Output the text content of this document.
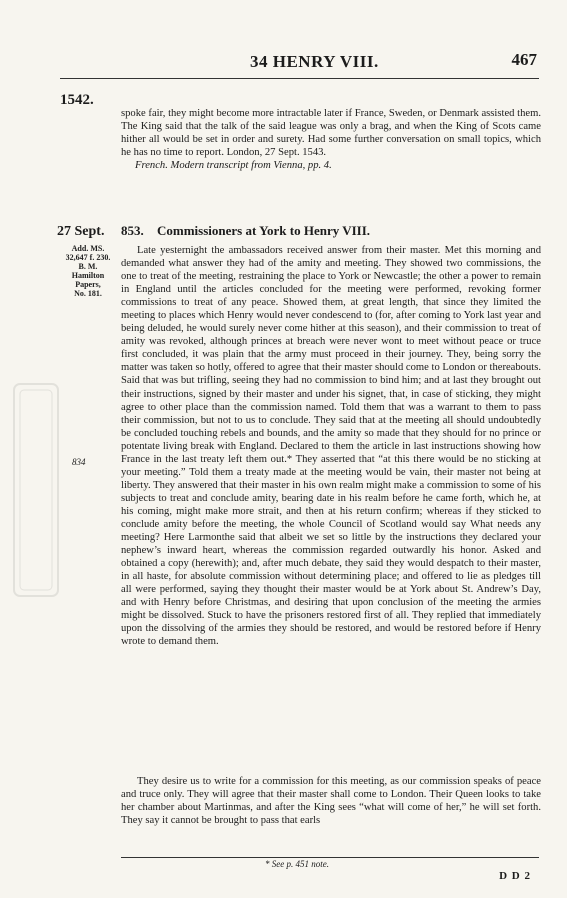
34 HENRY VIII.	467
1542.
spoke fair, they might become more intractable later if France, Sweden, or Denmark assisted them. The King said that the talk of the said league was only a brag, and when the King of Scots came hither all would be set in order and surety. Had some further conversation on small topics, which he has no time to report. London, 27 Sept. 1543.
French. Modern transcript from Vienna, pp. 4.
27 Sept.
Add. MS.
32,647 f. 230.
B. M.
Hamilton
Papers,
No. 181.
853. Commissioners at York to Henry VIII.
Late yesternight the ambassadors received answer from their master. Met this morning and demanded what answer they had of the amity and meeting. They showed two commissions, the one to treat of the meeting, restraining the place to York or Newcastle; the other a power to remain in England until the articles concluded for the meeting were performed, revoking former commissions to treat of any peace. Showed them, at great length, that since they limited the meeting to places which Henry would never condescend to (for, after coming to York last year and being deluded, he would surely never come hither at this season), and their commission to treat of amity was revoked, although princes at breach were never wont to meet without peace or truce first concluded, it was plain that the army must proceed in their journey. They, being sorry the matter was taken so hotly, offered to agree that their master should come to London or thereabouts. Said that was but trifling, seeing they had no commission to bind him; and at last they brought out their instructions, signed by their master and under his signet, that, in case of sticking, they might agree to other place than the commission named. Told them that was a warrant to them to pass their commission, but not to us to conclude. They said that at the meeting all should undoubtedly be concluded touching rebels and bounds, and the amity so made that they should for no prince or potentate living break with England. Declared to them the article in last instructions showing how France in the last treaty left them out.* They asserted that “at this there would be no sticking at your meeting.” Told them a treaty made at the meeting would be vain, their master not being at liberty. They answered that their master in his own realm might make a commission to some of his subjects to treat and conclude amity, bearing date in his realm before he came forth, which he, at his coming, might make more strait, and then at his return confirm; whereas if they sticked to conclude amity before the meeting, the whole Council of Scotland would say What needs any meeting? Here Larmonthe said that albeit we set so little by the instructions they declared your nephew’s inward heart, whereas the commission regarded outwardly his honor. Asked and obtained a copy (herewith); and, after much debate, they said they would despatch to their master, in all haste, for absolute commission without determining place; and offered to lie as pledges till all were performed, saying they thought their master would be at York about St. Andrew’s Day, and with Henry before Christmas, and desiring that upon conclusion of the meeting the armies might be dissolved. Stuck to have the prisoners restored first of all. They replied that immediately upon the dissolving of the armies they should be restored, and would be restored before if Henry wrote to demand them.
834
They desire us to write for a commission for this meeting, as our commission speaks of peace and truce only. They will agree that their master shall come to London. Their Queen looks to take her chamber about Martinmas, and after the King sees “what will come of her,” he will set forth. They say it cannot be brought to pass that earls
* See p. 451 note.
D D 2
